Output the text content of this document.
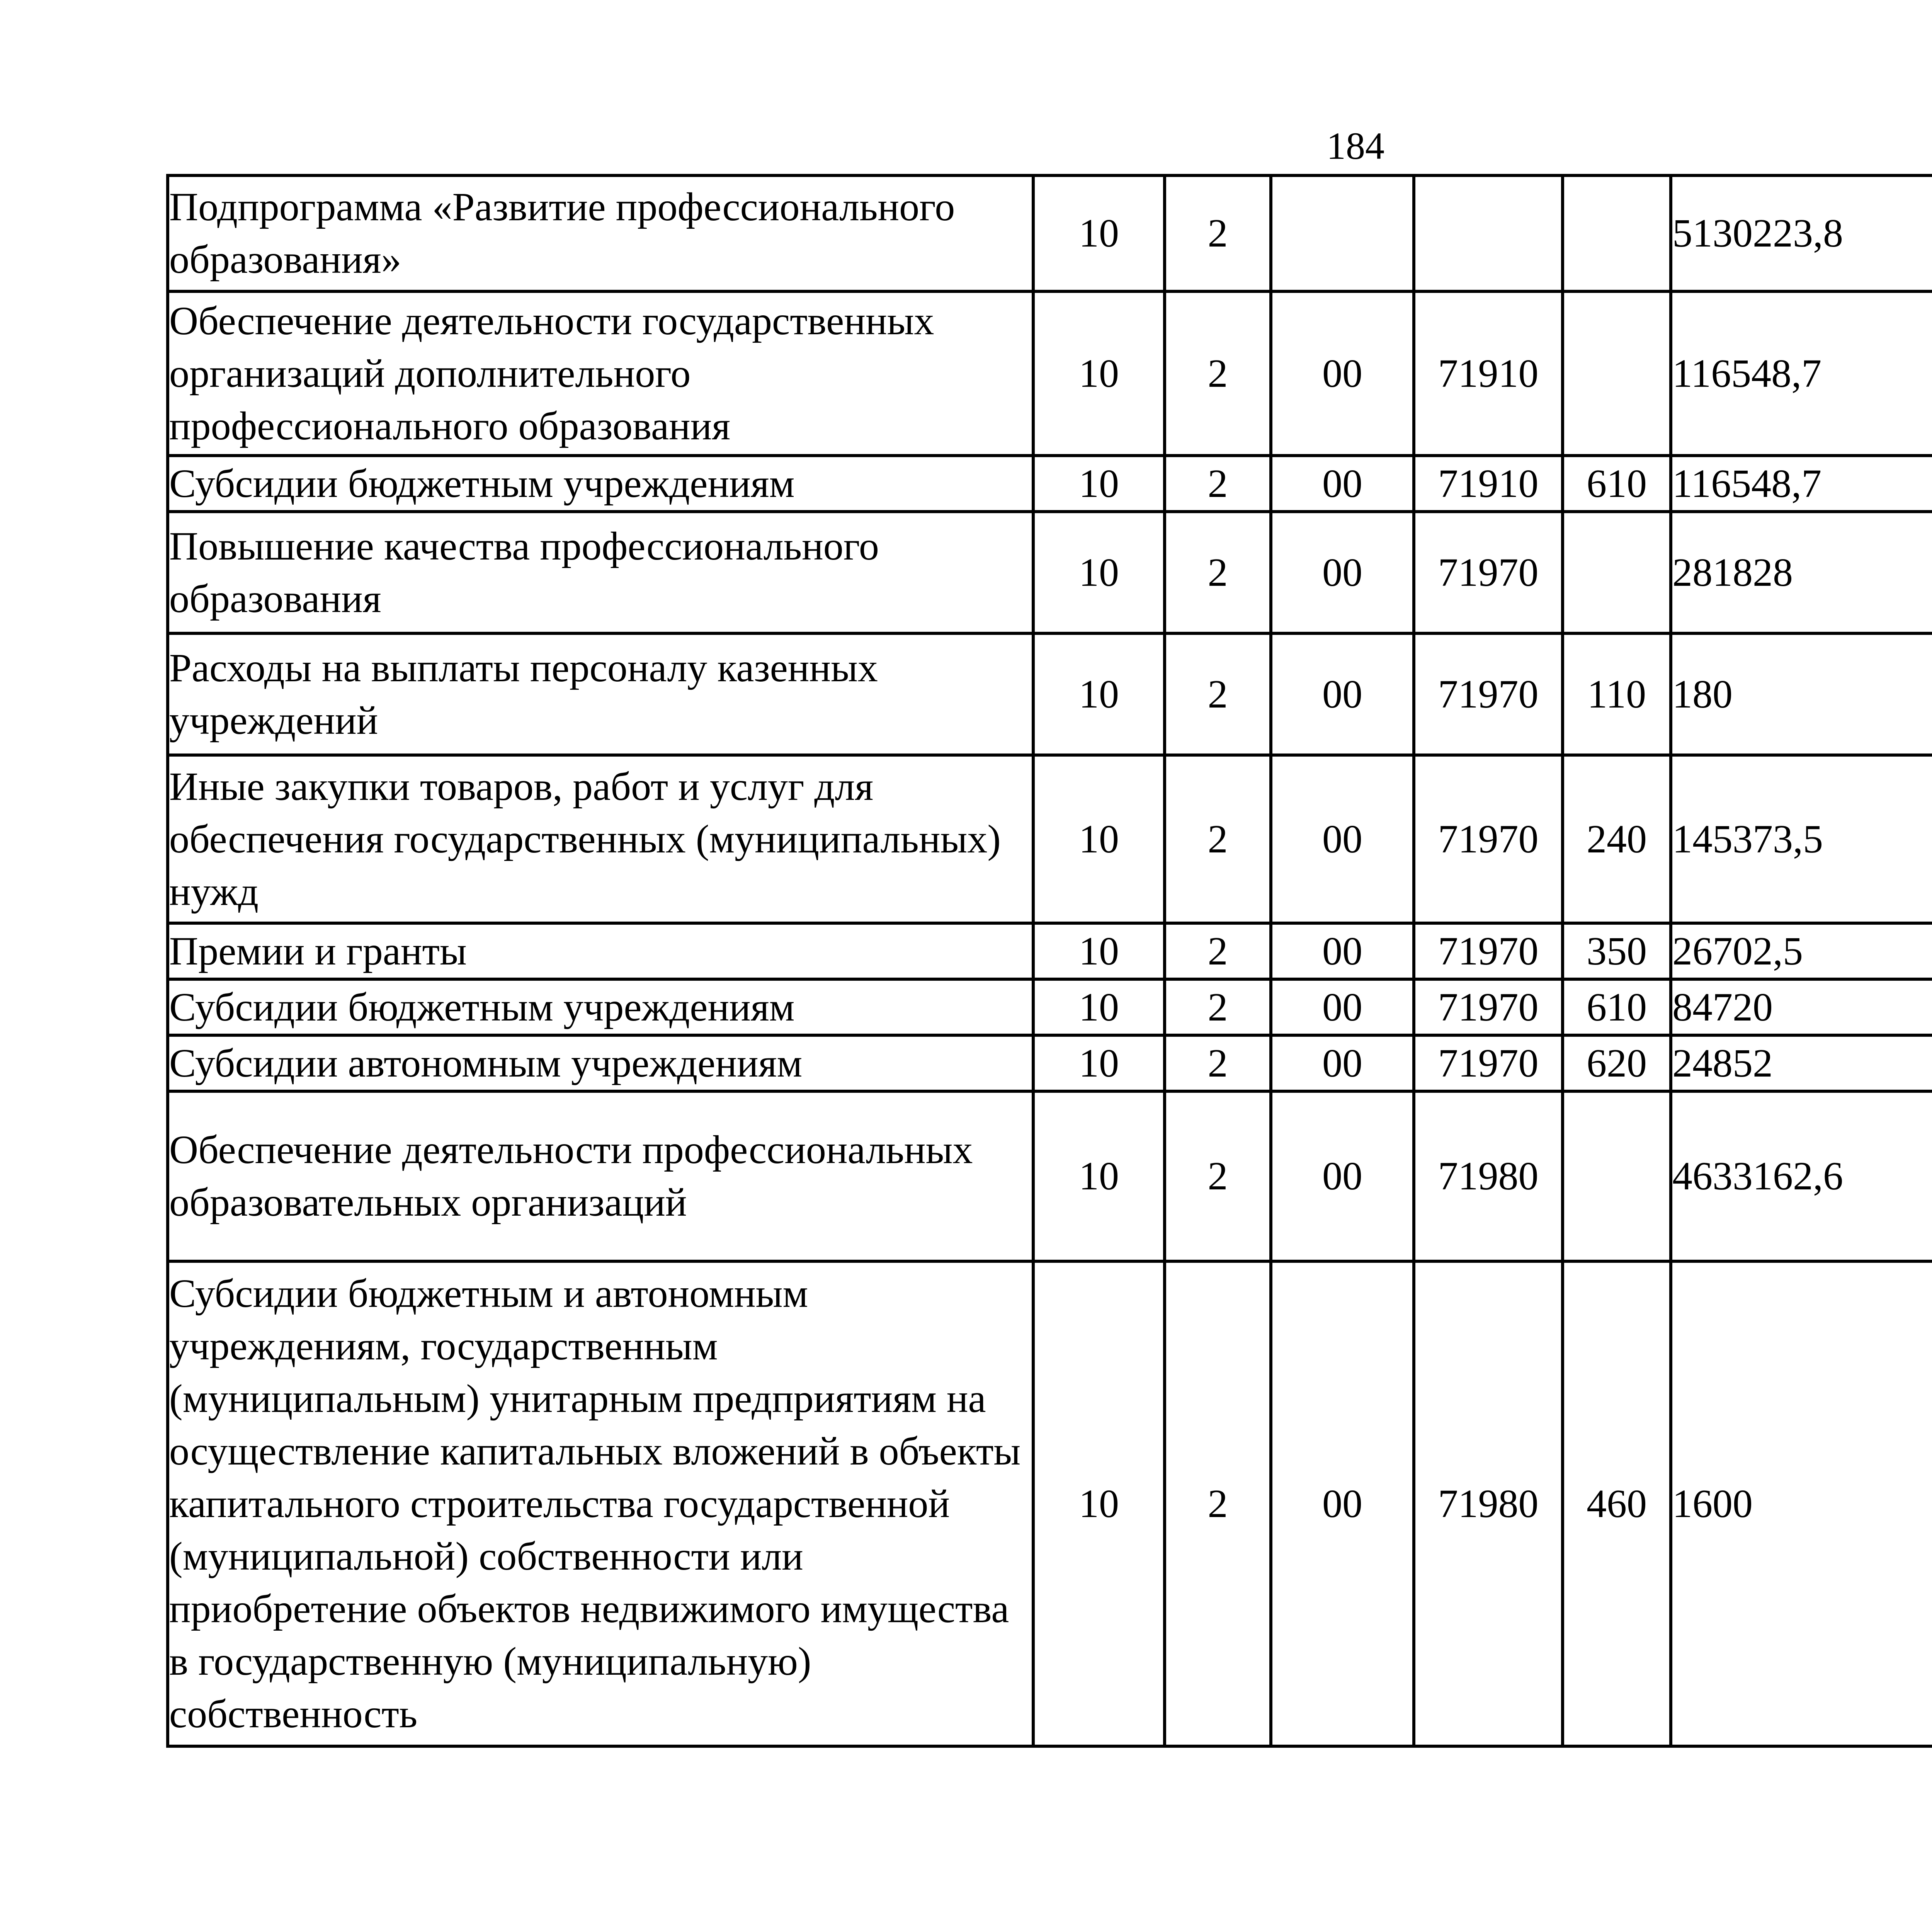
184
Подпрограмма «Развитие профессионального образования»	10	2				5130223,8		
Обеспечение деятельности государственных организаций дополнительного профессионального образования	10	2	00	71910		116548,7		
Субсидии бюджетным учреждениям	10	2	00	71910	610	116548,7		
Повышение качества профессионального образования	10	2	00	71970		281828		
Расходы на выплаты персоналу казенных учреждений	10	2	00	71970	110	180		
Иные закупки товаров, работ и услуг для обеспечения государственных (муниципальных) нужд	10	2	00	71970	240	145373,5		
Премии и гранты	10	2	00	71970	350	26702,5		
Субсидии бюджетным учреждениям	10	2	00	71970	610	84720		
Субсидии автономным учреждениям	10	2	00	71970	620	24852		
Обеспечение деятельности профессиональных образовательных организаций	10	2	00	71980		4633162,6		
Субсидии бюджетным и автономным учреждениям, государственным (муниципальным) унитарным предприятиям на осуществление капитальных вложений в объекты капитального строительства государственной (муниципальной) собственности или приобретение объектов недвижимого имущества в государственную (муниципальную) собственность	10	2	00	71980	460	1600		
